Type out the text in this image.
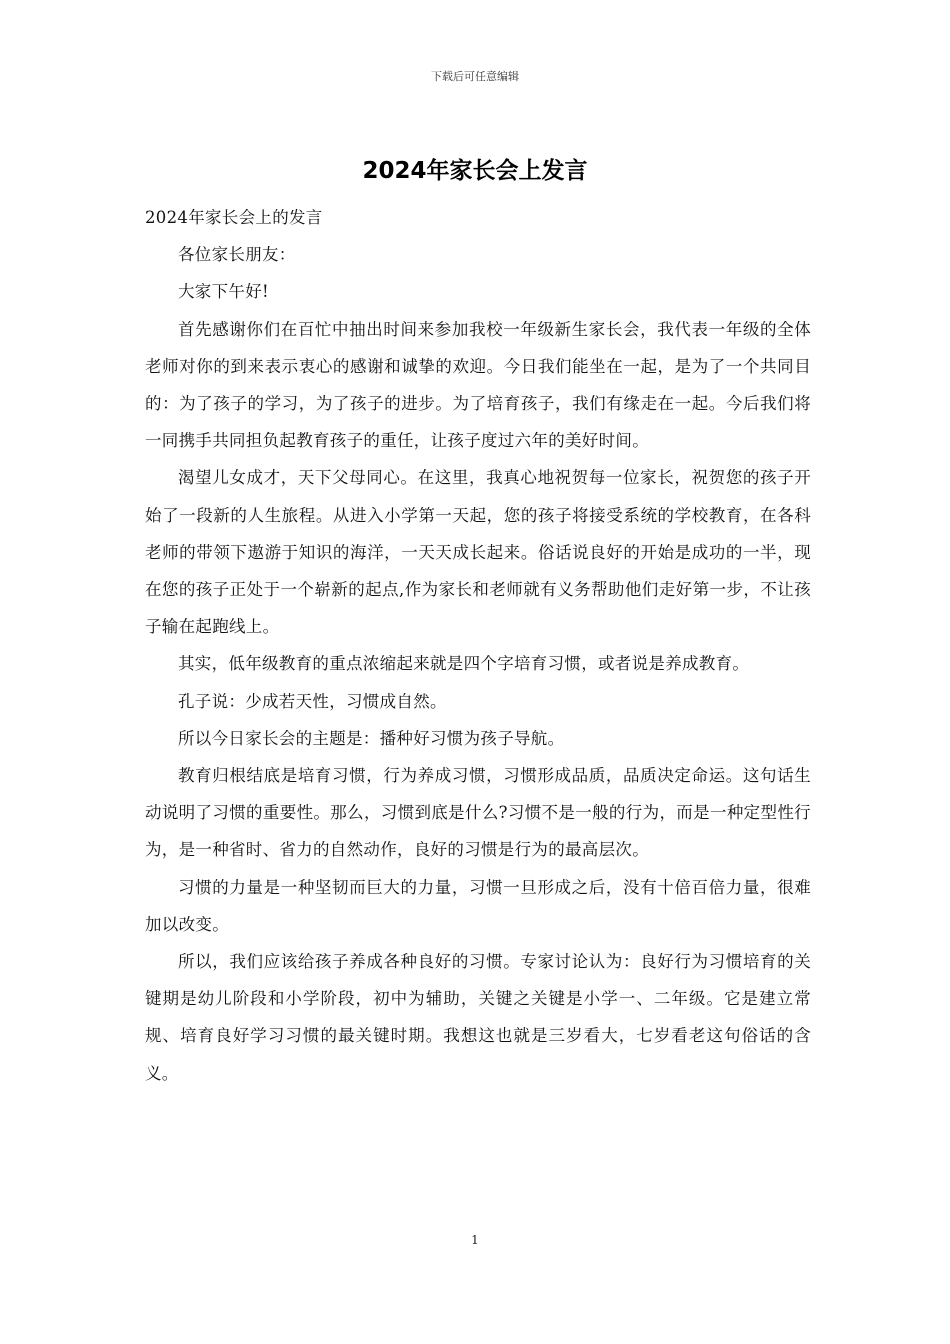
下载后可任意编辑
2024年家长会上发言

2024年家长会上的发言

各位家长朋友：

大家下午好!

首先感谢你们在百忙中抽出时间来参加我校一年级新生家长会，我代表一年级的全体老师对你的到来表示衷心的感谢和诚挚的欢迎。今日我们能坐在一起，是为了一个共同目的：为了孩子的学习，为了孩子的进步。为了培育孩子，我们有缘走在一起。今后我们将一同携手共同担负起教育孩子的重任，让孩子度过六年的美好时间。

渴望儿女成才，天下父母同心。在这里，我真心地祝贺每一位家长，祝贺您的孩子开始了一段新的人生旅程。从进入小学第一天起，您的孩子将接受系统的学校教育，在各科老师的带领下遨游于知识的海洋，一天天成长起来。俗话说良好的开始是成功的一半，现在您的孩子正处于一个崭新的起点,作为家长和老师就有义务帮助他们走好第一步，不让孩子输在起跑线上。

其实，低年级教育的重点浓缩起来就是四个字培育习惯，或者说是养成教育。

孔子说：少成若天性，习惯成自然。

所以今日家长会的主题是：播种好习惯为孩子导航。

教育归根结底是培育习惯，行为养成习惯，习惯形成品质，品质决定命运。这句话生动说明了习惯的重要性。那么，习惯到底是什么?习惯不是一般的行为，而是一种定型性行为，是一种省时、省力的自然动作，良好的习惯是行为的最高层次。

习惯的力量是一种坚韧而巨大的力量，习惯一旦形成之后，没有十倍百倍力量，很难加以改变。

所以，我们应该给孩子养成各种良好的习惯。专家讨论认为：良好行为习惯培育的关键期是幼儿阶段和小学阶段，初中为辅助，关键之关键是小学一、二年级。它是建立常规、培育良好学习习惯的最关键时期。我想这也就是三岁看大，七岁看老这句俗话的含义。

1
